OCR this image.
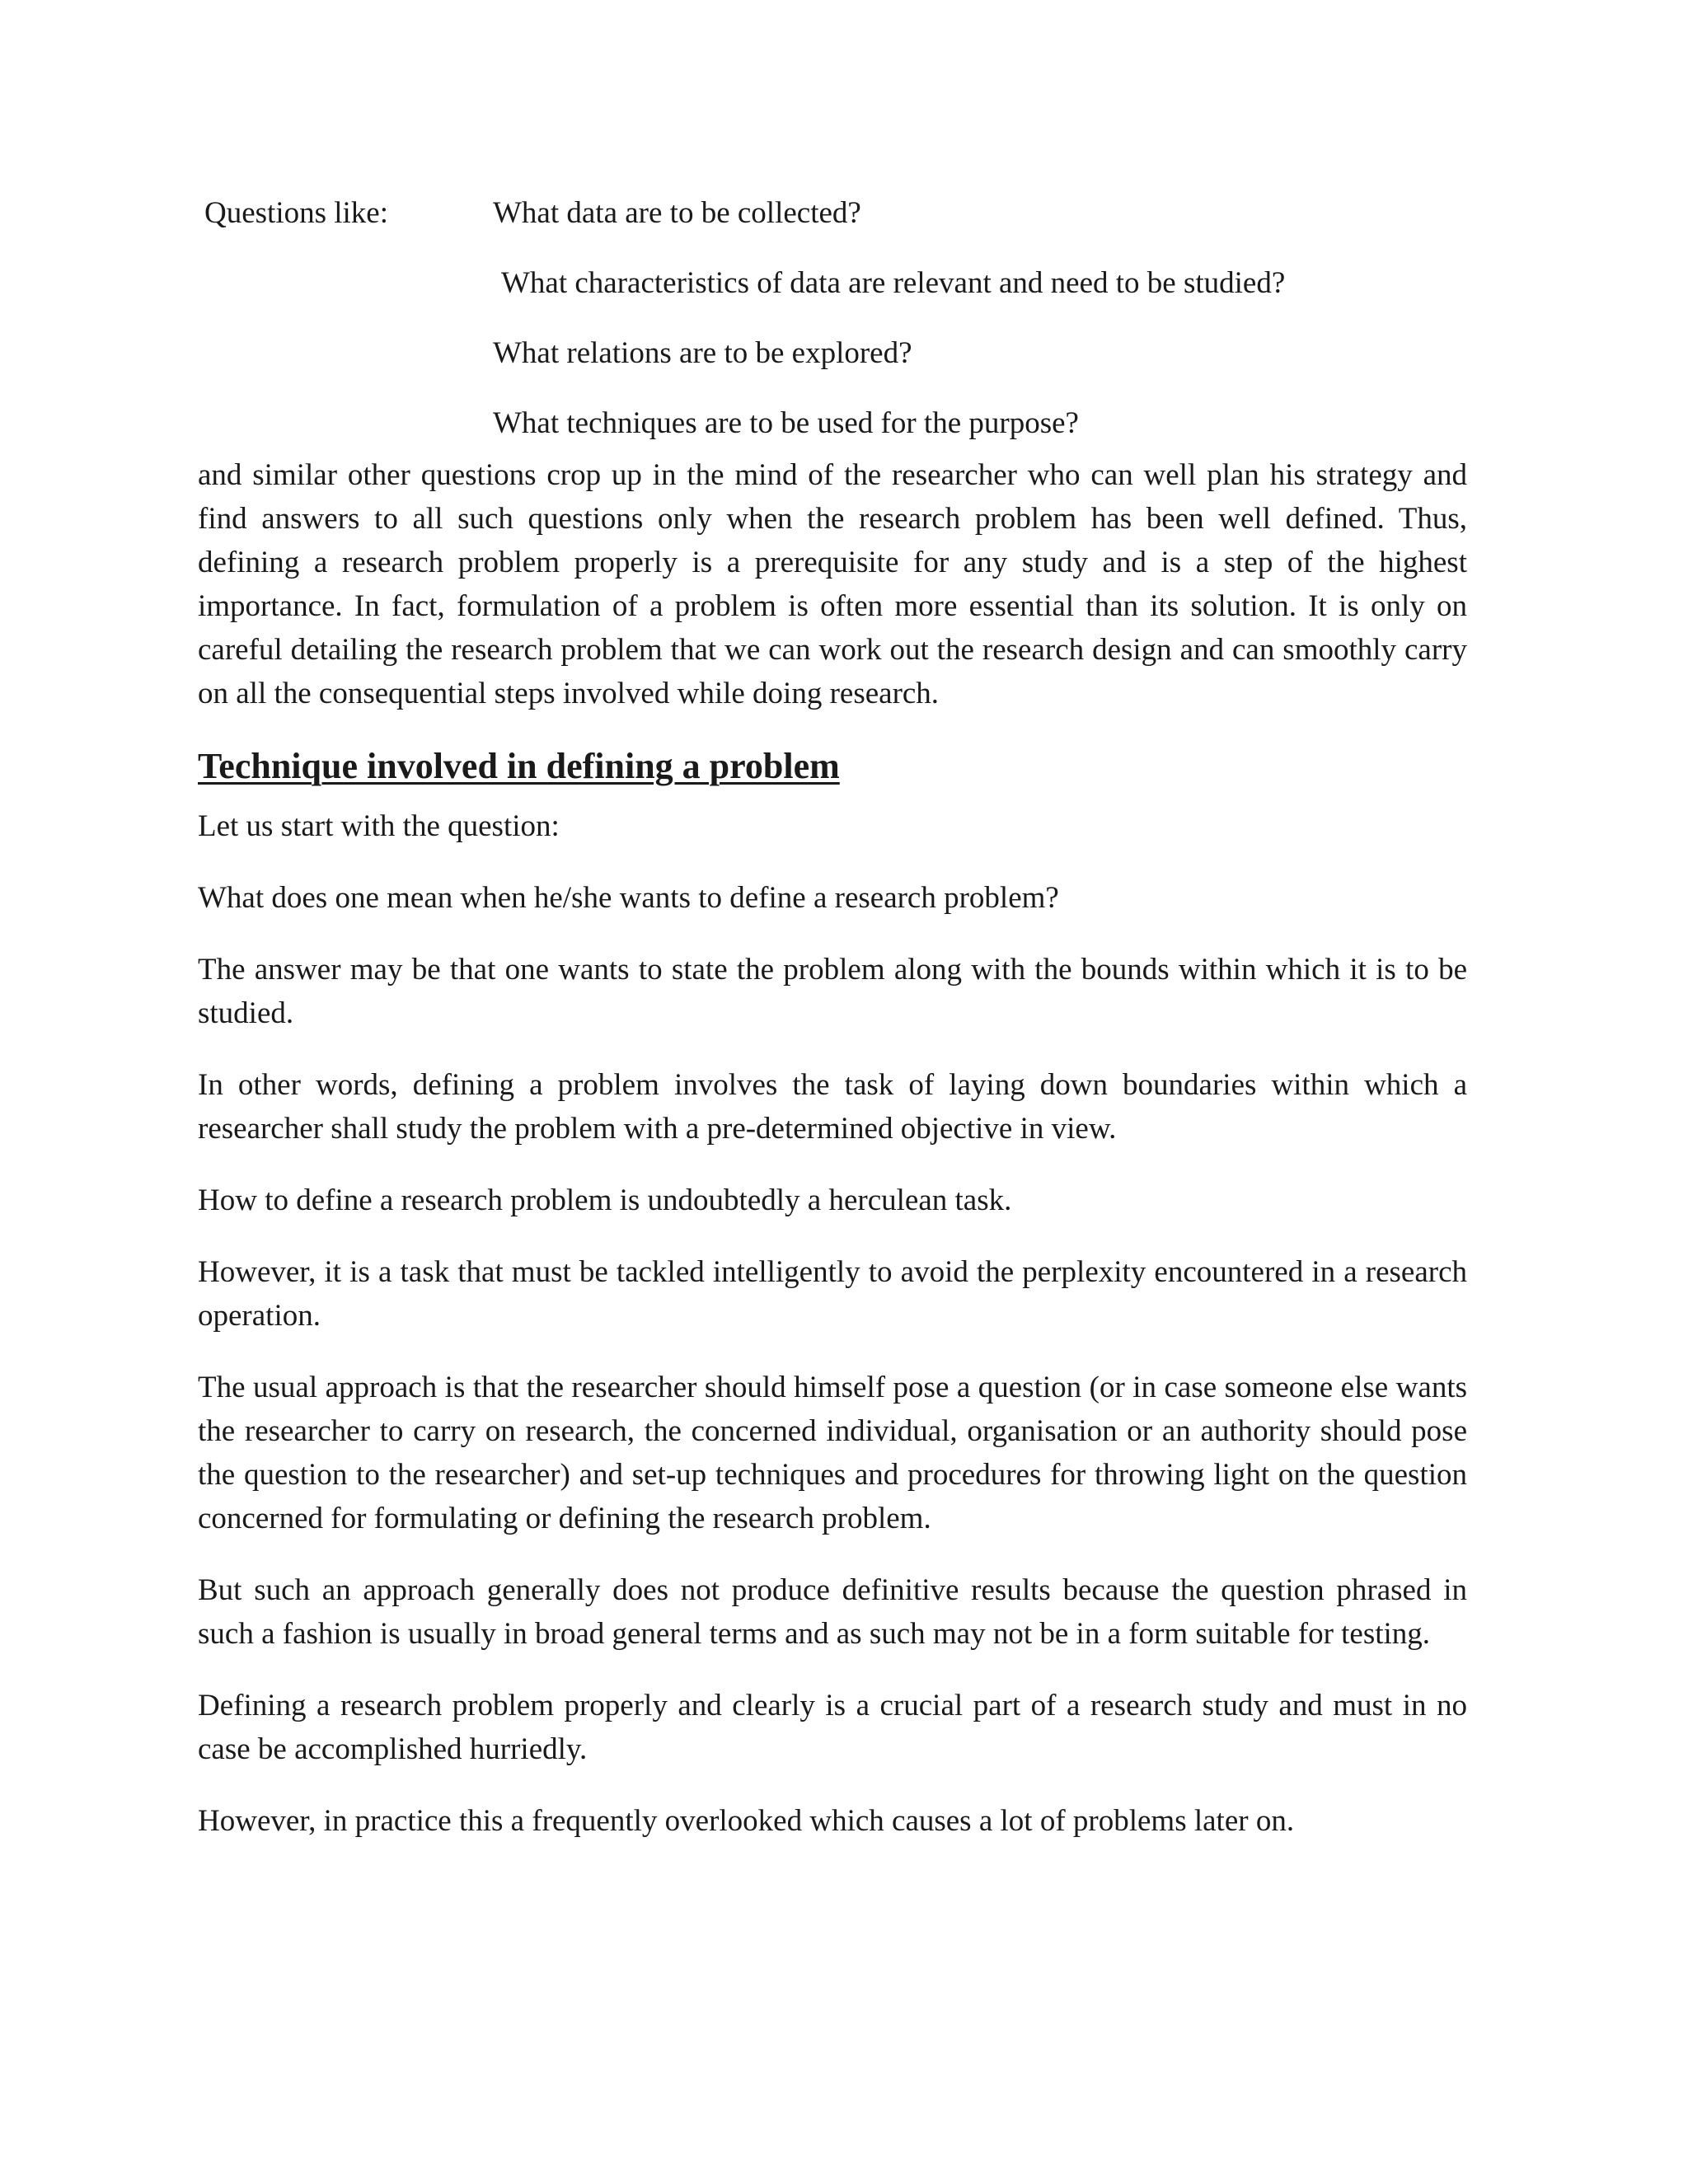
Questions like:	What data are to be collected?
What characteristics of data are relevant and need to be studied?
What relations are to be explored?
What techniques are to be used for the purpose?

and similar other questions crop up in the mind of the researcher who can well plan his strategy and find answers to all such questions only when the research problem has been well defined. Thus, defining a research problem properly is a prerequisite for any study and is a step of the highest importance. In fact, formulation of a problem is often more essential than its solution. It is only on careful detailing the research problem that we can work out the research design and can smoothly carry on all the consequential steps involved while doing research.

Technique involved in defining a problem

Let us start with the question:

What does one mean when he/she wants to define a research problem?

The answer may be that one wants to state the problem along with the bounds within which it is to be studied.

In other words, defining a problem involves the task of laying down boundaries within which a researcher shall study the problem with a pre-determined objective in view.

How to define a research problem is undoubtedly a herculean task.

However, it is a task that must be tackled intelligently to avoid the perplexity encountered in a research operation.

The usual approach is that the researcher should himself pose a question (or in case someone else wants the researcher to carry on research, the concerned individual, organisation or an authority should pose the question to the researcher) and set-up techniques and procedures for throwing light on the question concerned for formulating or defining the research problem.

But such an approach generally does not produce definitive results because the question phrased in such a fashion is usually in broad general terms and as such may not be in a form suitable for testing.

Defining a research problem properly and clearly is a crucial part of a research study and must in no case be accomplished hurriedly.

However, in practice this a frequently overlooked which causes a lot of problems later on.
